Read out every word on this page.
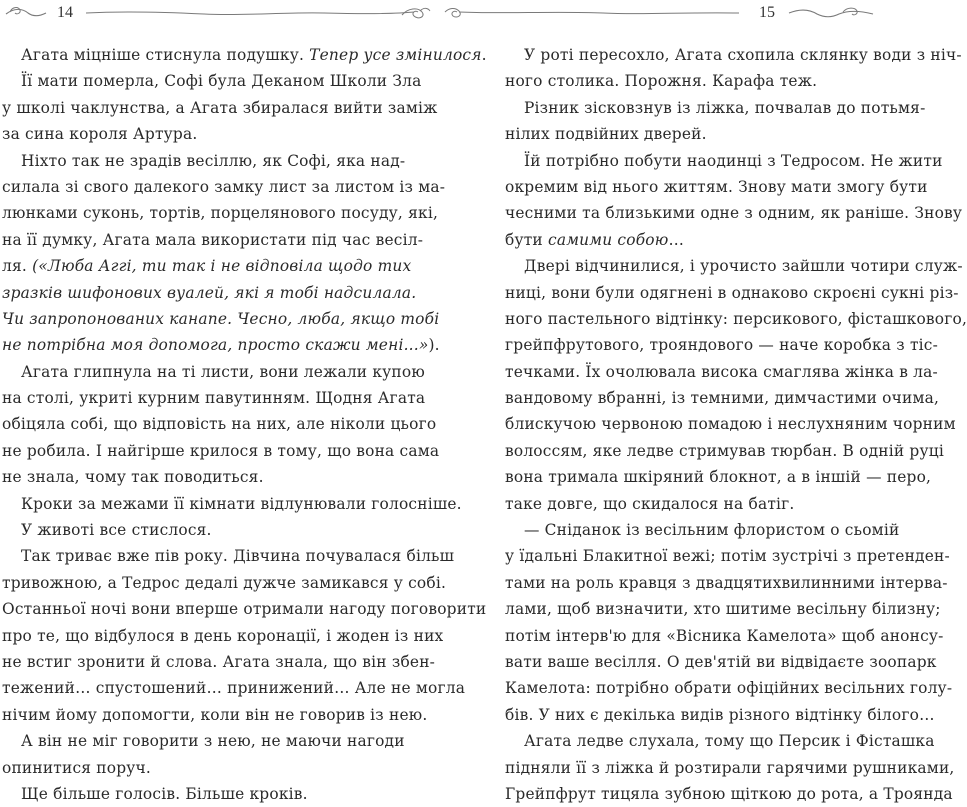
14
Агата міцніше стиснула подушку. Тепер усе змінилося.
Її мати померла, Софі була Деканом Школи Зла
у школі чаклунства, а Агата збиралася вийти заміж
за сина короля Артура.
Ніхто так не зрадів весіллю, як Софі, яка над-
силала зі свого далекого замку лист за листом із ма-
люнками суконь, тортів, порцелянового посуду, які,
на її думку, Агата мала використати під час весіл-
ля. («Люба Аггі, ти так і не відповіла щодо тих
зразків шифонових вуалей, які я тобі надсилала.
Чи запропонованих канапе. Чесно, люба, якщо тобі
не потрібна моя допомога, просто скажи мені...»).
Агата глипнула на ті листи, вони лежали купою
на столі, укриті курним павутинням. Щодня Агата
обіцяла собі, що відповість на них, але ніколи цього
не робила. І найгірше крилося в тому, що вона сама
не знала, чому так поводиться.
Кроки за межами її кімнати відлунювали голосніше.
У животі все стислося.
Так триває вже пів року. Дівчина почувалася більш
тривожною, а Тедрос дедалі дужче замикався у собі.
Останньої ночі вони вперше отримали нагоду поговорити
про те, що відбулося в день коронації, і жоден із них
не встиг зронити й слова. Агата знала, що він збен-
тежений… спустошений… принижений… Але не могла
нічим йому допомогти, коли він не говорив із нею.
А він не міг говорити з нею, не маючи нагоди
опинитися поруч.
Ще більше голосів. Більше кроків.
15
У роті пересохло, Агата схопила склянку води з ніч-
ного столика. Порожня. Карафа теж.
Різник зісковзнув із ліжка, почвалав до потьмя-
нілих подвійних дверей.
Їй потрібно побути наодинці з Тедросом. Не жити
окремим від нього життям. Знову мати змогу бути
чесними та близькими одне з одним, як раніше. Знову
бути самими собою…
Двері відчинилися, і урочисто зайшли чотири служ-
ниці, вони були одягнені в однаково скроєні сукні різ-
ного пастельного відтінку: персикового, фісташкового,
грейпфрутового, трояндового — наче коробка з тіс-
течками. Їх очолювала висока смаглява жінка в ла-
вандовому вбранні, із темними, димчастими очима,
блискучою червоною помадою і неслухняним чорним
волоссям, яке ледве стримував тюрбан. В одній руці
вона тримала шкіряний блокнот, а в іншій — перо,
таке довге, що скидалося на батіг.
— Сніданок із весільним флористом о сьомій
у їдальні Блакитної вежі; потім зустрічі з претенден-
тами на роль кравця з двадцятихвилинними інтерва-
лами, щоб визначити, хто шитиме весільну білизну;
потім інтерв'ю для «Вісника Камелота» щоб анонсу-
вати ваше весілля. О дев'ятій ви відвідаєте зоопарк
Камелота: потрібно обрати офіційних весільних голу-
бів. У них є декілька видів різного відтінку білого…
Агата ледве слухала, тому що Персик і Фісташка
підняли її з ліжка й розтирали гарячими рушниками,
Грейпфрут тицяла зубною щіткою до рота, а Троянда
